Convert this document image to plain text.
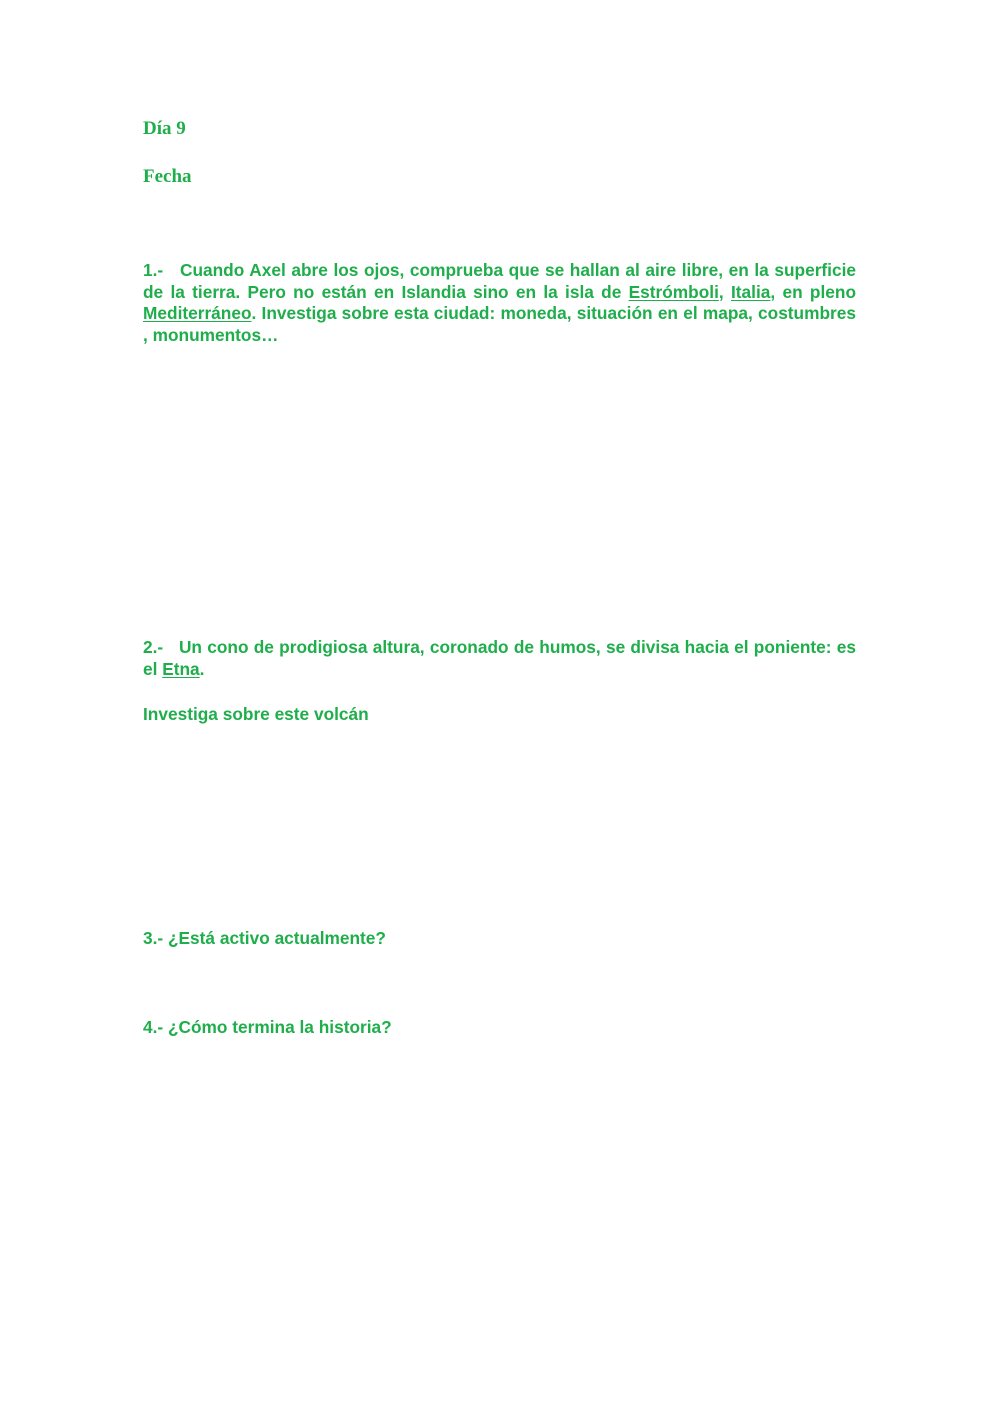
Día 9

Fecha

1.- Cuando Axel abre los ojos, comprueba que se hallan al aire libre, en la superficie de la tierra. Pero no están en Islandia sino en la isla de Estrómboli, Italia, en pleno Mediterráneo. Investiga sobre esta ciudad: moneda, situación en el mapa, costumbres , monumentos…

2.- Un cono de prodigiosa altura, coronado de humos, se divisa hacia el poniente: es el Etna.

Investiga sobre este volcán

3.- ¿Está activo actualmente?

4.- ¿Cómo termina la historia?
